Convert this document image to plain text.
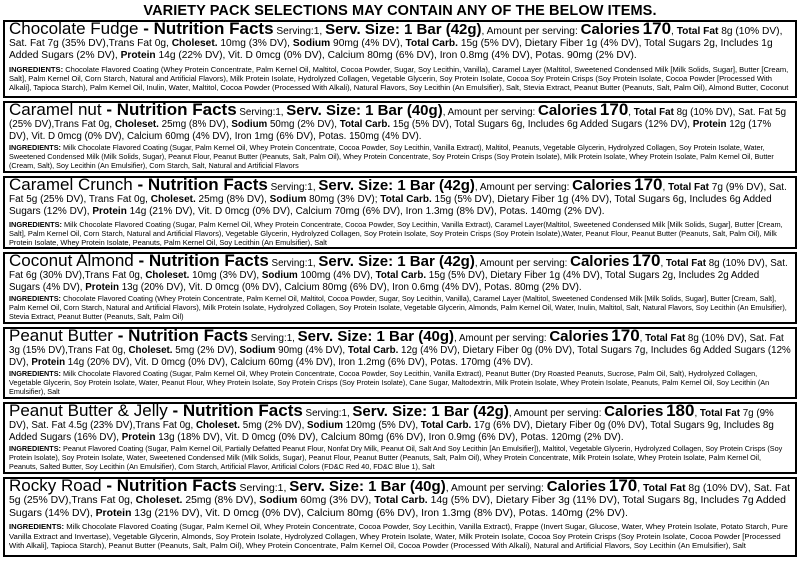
VARIETY PACK SELECTIONS MAY CONTAIN ANY OF THE BELOW ITEMS.
Chocolate Fudge - Nutrition Facts Serving:1, Serv. Size: 1 Bar (42g), Amount per serving: Calories 170, Total Fat 8g (10% DV), Sat. Fat 7g (35% DV),Trans Fat 0g, Choleset. 10mg (3% DV), Sodium 90mg (4% DV), Total Carb. 15g (5% DV), Dietary Fiber 1g (4% DV), Total Sugars 2g, Includes 1g Added Sugars (2% DV), Protein 14g (22% DV), Vit. D 0mcg (0% DV), Calcium 80mg (6% DV), Iron 0.8mg (4% DV), Potas. 90mg (2% DV).
INGREDIENTS: Chocolate Flavored Coating (Whey Protein Concentrate, Palm Kernel Oil, Maltitol, Cocoa Powder, Sugar, Soy Lecithin, Vanilla), Caramel Layer (Maltitol, Sweetened Condensed Milk [Milk Solids, Sugar], Butter [Cream, Salt], Palm Kernel Oil, Corn Starch, Natural and Artificial Flavors), Milk Protein Isolate, Hydrolyzed Collagen, Vegetable Glycerin, Soy Protein Isolate, Cocoa Soy Protein Crisps (Soy Protein Isolate, Cocoa Powder [Processed With Alkali], Tapioca Starch), Palm Kernel Oil, Inulin, Water, Maltitol, Cocoa Powder (Processed With Alkali), Natural Flavors, Soy Lecithin (An Emulsifier), Salt, Stevia Extract, Peanut Butter (Peanuts, Salt, Palm Oil), Almond Butter, Coconut
Caramel nut - Nutrition Facts Serving:1, Serv. Size: 1 Bar (40g), Amount per serving: Calories 170, Total Fat 8g (10% DV), Sat. Fat 5g (25% DV),Trans Fat 0g, Choleset. 25mg (8% DV), Sodium 50mg (2% DV), Total Carb. 15g (5% DV), Total Sugars 6g, Includes 6g Added Sugars (12% DV), Protein 12g (17% DV), Vit. D 0mcg (0% DV), Calcium 60mg (4% DV), Iron 1mg (6% DV), Potas. 150mg (4% DV).
INGREDIENTS: Milk Chocolate Flavored Coating (Sugar, Palm Kernel Oil, Whey Protein Concentrate, Cocoa Powder, Soy Lecithin, Vanilla Extract), Maltitol, Peanuts, Vegetable Glycerin, Hydrolyzed Collagen, Soy Protein Isolate, Water, Sweetened Condensed Milk (Milk Solids, Sugar), Peanut Flour, Peanut Butter (Peanuts, Salt, Palm Oil), Whey Protein Concentrate, Soy Protein Crisps (Soy Protein Isolate), Milk Protein Isolate, Whey Protein Isolate, Palm Kernel Oil, Butter (Cream, Salt), Soy Lecithin (An Emulsifier), Corn Starch, Salt, Natural and Artificial Flavors
Caramel Crunch - Nutrition Facts Serving:1, Serv. Size: 1 Bar (42g), Amount per serving: Calories 170, Total Fat 7g (9% DV), Sat. Fat 5g (25% DV), Trans Fat 0g, Choleset. 25mg (8% DV), Sodium 80mg (3% DV); Total Carb. 15g (5% DV), Dietary Fiber 1g (4% DV), Total Sugars 6g, Includes 6g Added Sugars (12% DV), Protein 14g (21% DV), Vit. D 0mcg (0% DV), Calcium 70mg (6% DV), Iron 1.3mg (8% DV), Potas. 140mg (2% DV).
INGREDIENTS: Milk Chocolate Flavored Coating (Sugar, Palm Kernel Oil, Whey Protein Concentrate, Cocoa Powder, Soy Lecithin, Vanilla Extract), Caramel Layer(Maltitol, Sweetened Condensed Milk [Milk Solids, Sugar], Butter [Cream, Salt], Palm Kernel Oil, Corn Starch, Natural and Artificial Flavors), Vegetable Glycerin, Hydrolyzed Collagen, Soy Protein Isolate, Soy Protein Crisps (Soy Protein Isolate),Water, Peanut Flour, Peanut Butter (Peanuts, Salt, Palm Oil), Milk Protein Isolate, Whey Protein Isolate, Peanuts, Palm Kernel Oil, Soy Lecithin (An Emulsifier), Salt
Coconut Almond - Nutrition Facts Serving:1, Serv. Size: 1 Bar (42g), Amount per serving: Calories 170, Total Fat 8g (10% DV), Sat. Fat 6g (30% DV),Trans Fat 0g, Choleset. 10mg (3% DV), Sodium 100mg (4% DV), Total Carb. 15g (5% DV), Dietary Fiber 1g (4% DV), Total Sugars 2g, Includes 2g Added Sugars (4% DV), Protein 13g (20% DV), Vit. D 0mcg (0% DV), Calcium 80mg (6% DV), Iron 0.6mg (4% DV), Potas. 80mg (2% DV).
INGREDIENTS: Chocolate Flavored Coating (Whey Protein Concentrate, Palm Kernel Oil, Maltitol, Cocoa Powder, Sugar, Soy Lecithin, Vanilla), Caramel Layer (Maltitol, Sweetened Condensed Milk [Milk Solids, Sugar], Butter [Cream, Salt], Palm Kernel Oil, Corn Starch, Natural and Artificial Flavors), Milk Protein Isolate, Hydrolyzed Collagen, Soy Protein Isolate, Vegetable Glycerin, Almonds, Palm Kernel Oil, Water, Inulin, Maltitol, Salt, Natural Flavors, Soy Lecithin (An Emulsifier), Stevia Extract, Peanut Butter (Peanuts, Salt, Palm Oil)
Peanut Butter - Nutrition Facts Serving:1, Serv. Size: 1 Bar (40g), Amount per serving: Calories 170, Total Fat 8g (10% DV), Sat. Fat 3g (15% DV),Trans Fat 0g, Choleset. 5mg (2% DV), Sodium 90mg (4% DV), Total Carb. 12g (4% DV), Dietary Fiber 0g (0% DV), Total Sugars 7g, Includes 6g Added Sugars (12% DV), Protein 14g (20% DV), Vit. D 0mcg (0% DV), Calcium 60mg (4% DV), Iron 1.2mg (6% DV), Potas. 170mg (4% DV).
INGREDIENTS: Milk Chocolate Flavored Coating (Sugar, Palm Kernel Oil, Whey Protein Concentrate, Cocoa Powder, Soy Lecithin, Vanilla Extract), Peanut Butter (Dry Roasted Peanuts, Sucrose, Palm Oil, Salt), Hydrolyzed Collagen, Vegetable Glycerin, Soy Protein Isolate, Water, Peanut Flour, Whey Protein Isolate, Soy Protein Crisps (Soy Protein Isolate), Cane Sugar, Maltodextrin, Milk Protein Isolate, Whey Protein Isolate, Peanuts, Palm Kernel Oil, Soy Lecithin (An Emulsifier), Salt
Peanut Butter & Jelly - Nutrition Facts Serving:1, Serv. Size: 1 Bar (42g), Amount per serving: Calories 180, Total Fat 7g (9% DV), Sat. Fat 4.5g (23% DV),Trans Fat 0g, Choleset. 5mg (2% DV), Sodium 120mg (5% DV), Total Carb. 17g (6% DV), Dietary Fiber 0g (0% DV), Total Sugars 9g, Includes 8g Added Sugars (16% DV), Protein 13g (18% DV), Vit. D 0mcg (0% DV), Calcium 80mg (6% DV), Iron 0.9mg (6% DV), Potas. 120mg (2% DV).
INGREDIENTS: Peanut Flavored Coating (Sugar, Palm Kernel Oil, Partially Defatted Peanut Flour, Nonfat Dry Milk, Peanut Oil, Salt And Soy Lecithin [An Emulsifier]), Maltitol, Vegetable Glycerin, Hydrolyzed Collagen, Soy Protein Crisps (Soy Protein Isolate), Soy Protein Isolate, Water, Sweetened Condensed Milk (Milk Solids, Sugar), Peanut Flour, Peanut Butter (Peanuts, Salt, Palm Oil), Whey Protein Concentrate, Milk Protein Isolate, Whey Protein Isolate, Palm Kernel Oil, Peanuts, Salted Butter, Soy Lecithin (An Emulsifier), Corn Starch, Artificial Flavor, Artificial Colors (FD&C Red 40, FD&C Blue 1), Salt
Rocky Road - Nutrition Facts Serving:1, Serv. Size: 1 Bar (40g), Amount per serving: Calories 170, Total Fat 8g (10% DV), Sat. Fat 5g (25% DV),Trans Fat 0g, Choleset. 25mg (8% DV), Sodium 60mg (3% DV), Total Carb. 14g (5% DV), Dietary Fiber 3g (11% DV), Total Sugars 8g, Includes 7g Added Sugars (14% DV), Protein 13g (21% DV), Vit. D 0mcg (0% DV), Calcium 80mg (6% DV), Iron 1.3mg (8% DV), Potas. 140mg (2% DV).
INGREDIENTS: Milk Chocolate Flavored Coating (Sugar, Palm Kernel Oil, Whey Protein Concentrate, Cocoa Powder, Soy Lecithin, Vanilla Extract), Frappe (Invert Sugar, Glucose, Water, Whey Protein Isolate, Potato Starch, Pure Vanilla Extract and Invertase), Vegetable Glycerin, Almonds, Soy Protein Isolate, Hydrolyzed Collagen, Whey Protein Isolate, Water, Milk Protein Isolate, Cocoa Soy Protein Crisps (Soy Protein Isolate, Cocoa Powder [Processed With Alkali], Tapioca Starch), Peanut Butter (Peanuts, Salt, Palm Oil), Whey Protein Concentrate, Palm Kernel Oil, Cocoa Powder (Processed With Alkali), Natural and Artificial Flavors, Soy Lecithin (An Emulsifier), Salt
